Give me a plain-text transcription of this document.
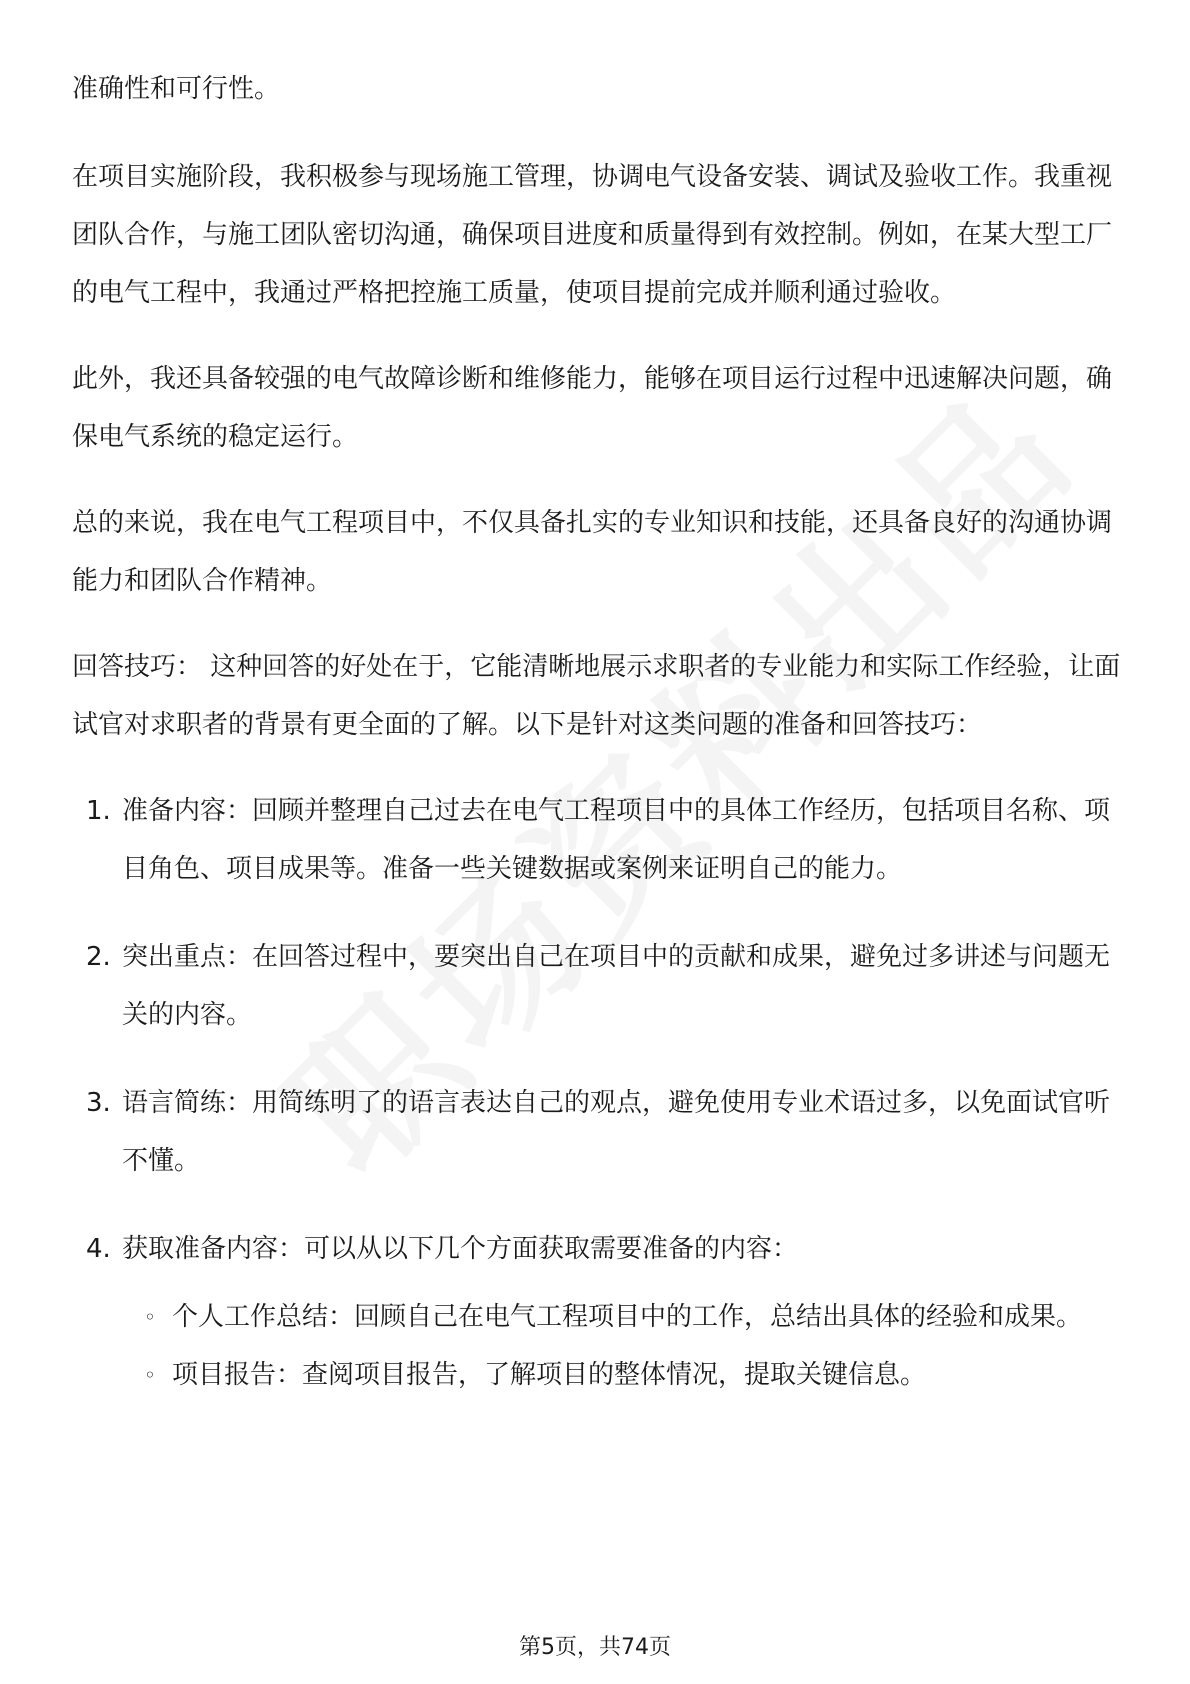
准确性和可行性。

在项目实施阶段，我积极参与现场施工管理，协调电气设备安装、调试及验收工作。我重视团队合作，与施工团队密切沟通，确保项目进度和质量得到有效控制。例如，在某大型工厂的电气工程中，我通过严格把控施工质量，使项目提前完成并顺利通过验收。

此外，我还具备较强的电气故障诊断和维修能力，能够在项目运行过程中迅速解决问题，确保电气系统的稳定运行。

总的来说，我在电气工程项目中，不仅具备扎实的专业知识和技能，还具备良好的沟通协调能力和团队合作精神。

回答技巧： 这种回答的好处在于，它能清晰地展示求职者的专业能力和实际工作经验，让面试官对求职者的背景有更全面的了解。以下是针对这类问题的准备和回答技巧：

1. 准备内容：回顾并整理自己过去在电气工程项目中的具体工作经历，包括项目名称、项目角色、项目成果等。准备一些关键数据或案例来证明自己的能力。
2. 突出重点：在回答过程中，要突出自己在项目中的贡献和成果，避免过多讲述与问题无关的内容。
3. 语言简练：用简练明了的语言表达自己的观点，避免使用专业术语过多，以免面试官听不懂。
4. 获取准备内容：可以从以下几个方面获取需要准备的内容：
◦ 个人工作总结：回顾自己在电气工程项目中的工作，总结出具体的经验和成果。
◦ 项目报告：查阅项目报告，了解项目的整体情况，提取关键信息。
第5页，共74页
